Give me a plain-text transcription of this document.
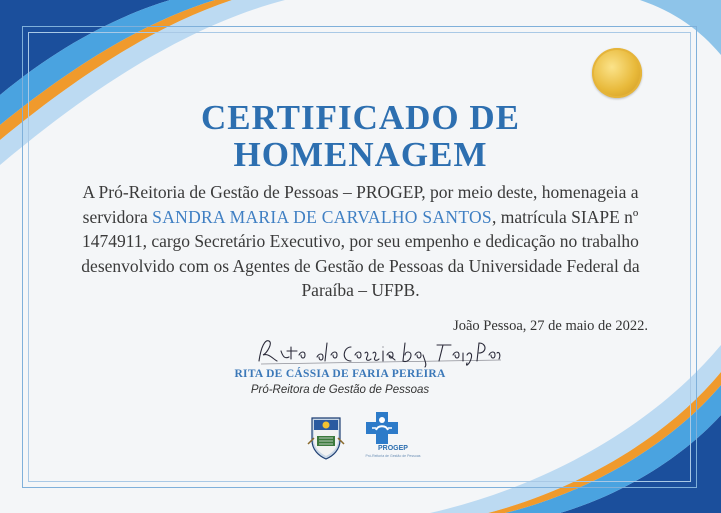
CERTIFICADO DE
HOMENAGEM
A Pró-Reitoria de Gestão de Pessoas – PROGEP, por meio deste, homenageia a servidora SANDRA MARIA DE CARVALHO SANTOS, matrícula SIAPE nº 1474911, cargo Secretário Executivo, por seu empenho e dedicação no trabalho desenvolvido com os Agentes de Gestão de Pessoas da Universidade Federal da Paraíba – UFPB.
João Pessoa, 27 de maio de 2022.
RITA DE CÁSSIA DE FARIA PEREIRA
Pró-Reitora de Gestão de Pessoas
PROGEP
Pró-Reitoria de Gestão de Pessoas
